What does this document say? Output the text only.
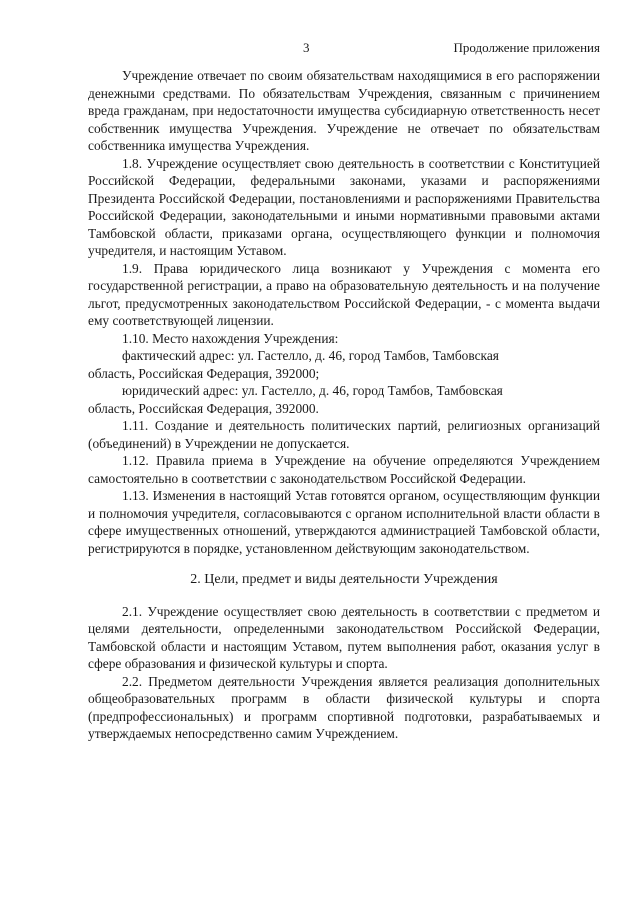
3	Продолжение приложения

Учреждение отвечает по своим обязательствам находящимися в его распоряжении денежными средствами. По обязательствам Учреждения, связанным с причинением вреда гражданам, при недостаточности имущества субсидиарную ответственность несет собственник имущества Учреждения. Учреждение не отвечает по обязательствам собственника имущества Учреждения.

1.8. Учреждение осуществляет свою деятельность в соответствии с Конституцией Российской Федерации, федеральными законами, указами и распоряжениями Президента Российской Федерации, постановлениями и распоряжениями Правительства Российской Федерации, законодательными и иными нормативными правовыми актами Тамбовской области, приказами органа, осуществляющего функции и полномочия учредителя, и настоящим Уставом.

1.9. Права юридического лица возникают у Учреждения с момента его государственной регистрации, а право на образовательную деятельность и на получение льгот, предусмотренных законодательством Российской Федерации, - с момента выдачи ему соответствующей лицензии.

1.10. Место нахождения Учреждения:

фактический адрес: ул. Гастелло, д. 46, город Тамбов, Тамбовская

область, Российская Федерация, 392000;

юридический адрес: ул. Гастелло, д. 46, город Тамбов, Тамбовская

область, Российская Федерация, 392000.

1.11. Создание и деятельность политических партий, религиозных организаций (объединений) в Учреждении не допускается.

1.12. Правила приема в Учреждение на обучение определяются Учреждением самостоятельно в соответствии с законодательством Российской Федерации.

1.13. Изменения в настоящий Устав готовятся органом, осуществляющим функции и полномочия учредителя, согласовываются с органом исполнительной власти области в сфере имущественных отношений, утверждаются администрацией Тамбовской области, регистрируются в порядке, установленном действующим законодательством.

2. Цели, предмет и виды деятельности Учреждения

2.1. Учреждение осуществляет свою деятельность в соответствии с предметом и целями деятельности, определенными законодательством Российской Федерации, Тамбовской области и настоящим Уставом, путем выполнения работ, оказания услуг в сфере образования и физической культуры и спорта.

2.2. Предметом деятельности Учреждения является реализация дополнительных общеобразовательных программ в области физической культуры и спорта (предпрофессиональных) и программ спортивной подготовки, разрабатываемых и утверждаемых непосредственно самим Учреждением.
